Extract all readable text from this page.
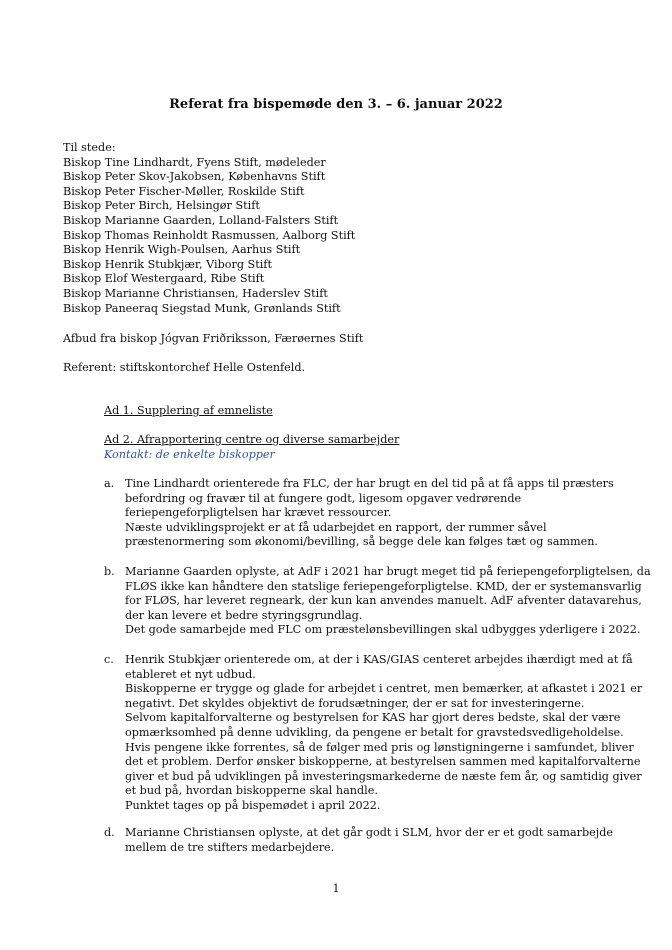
Referat fra bispemøde den 3. – 6. januar 2022
Til stede:
Biskop Tine Lindhardt, Fyens Stift, mødeleder
Biskop Peter Skov-Jakobsen, Københavns Stift
Biskop Peter Fischer-Møller, Roskilde Stift
Biskop Peter Birch, Helsingør Stift
Biskop Marianne Gaarden, Lolland-Falsters Stift
Biskop Thomas Reinholdt Rasmussen, Aalborg Stift
Biskop Henrik Wigh-Poulsen, Aarhus Stift
Biskop Henrik Stubkjær, Viborg Stift
Biskop Elof Westergaard, Ribe Stift
Biskop Marianne Christiansen, Haderslev Stift
Biskop Paneeraq Siegstad Munk, Grønlands Stift
Afbud fra biskop Jógvan Friðriksson, Færøernes Stift
Referent: stiftskontorchef Helle Ostenfeld.
Ad 1. Supplering af emneliste
Ad 2. Afrapportering centre og diverse samarbejder
Kontakt: de enkelte biskopper
a. Tine Lindhardt orienterede fra FLC, der har brugt en del tid på at få apps til præsters
befordring og fravær til at fungere godt, ligesom opgaver vedrørende
feriepengeforpligtelsen har krævet ressourcer.
Næste udviklingsprojekt er at få udarbejdet en rapport, der rummer såvel
præstenormering som økonomi/bevilling, så begge dele kan følges tæt og sammen.
b. Marianne Gaarden oplyste, at AdF i 2021 har brugt meget tid på feriepengeforpligtelsen, da
FLØS ikke kan håndtere den statslige feriepengeforpligtelse. KMD, der er systemansvarlig
for FLØS, har leveret regneark, der kun kan anvendes manuelt. AdF afventer datavarehus,
der kan levere et bedre styringsgrundlag.
Det gode samarbejde med FLC om præstelønsbevillingen skal udbygges yderligere i 2022.
c. Henrik Stubkjær orienterede om, at der i KAS/GIAS centeret arbejdes ihærdigt med at få
etableret et nyt udbud.
Biskopperne er trygge og glade for arbejdet i centret, men bemærker, at afkastet i 2021 er
negativt. Det skyldes objektivt de forudsætninger, der er sat for investeringerne.
Selvom kapitalforvalterne og bestyrelsen for KAS har gjort deres bedste, skal der være
opmærksomhed på denne udvikling, da pengene er betalt for gravstedsvedligeholdelse.
Hvis pengene ikke forrentes, så de følger med pris og lønstigningerne i samfundet, bliver
det et problem. Derfor ønsker biskopperne, at bestyrelsen sammen med kapitalforvalterne
giver et bud på udviklingen på investeringsmarkederne de næste fem år, og samtidig giver
et bud på, hvordan biskopperne skal handle.
Punktet tages op på bispemødet i april 2022.
d. Marianne Christiansen oplyste, at det går godt i SLM, hvor der er et godt samarbejde
mellem de tre stifters medarbejdere.
1
